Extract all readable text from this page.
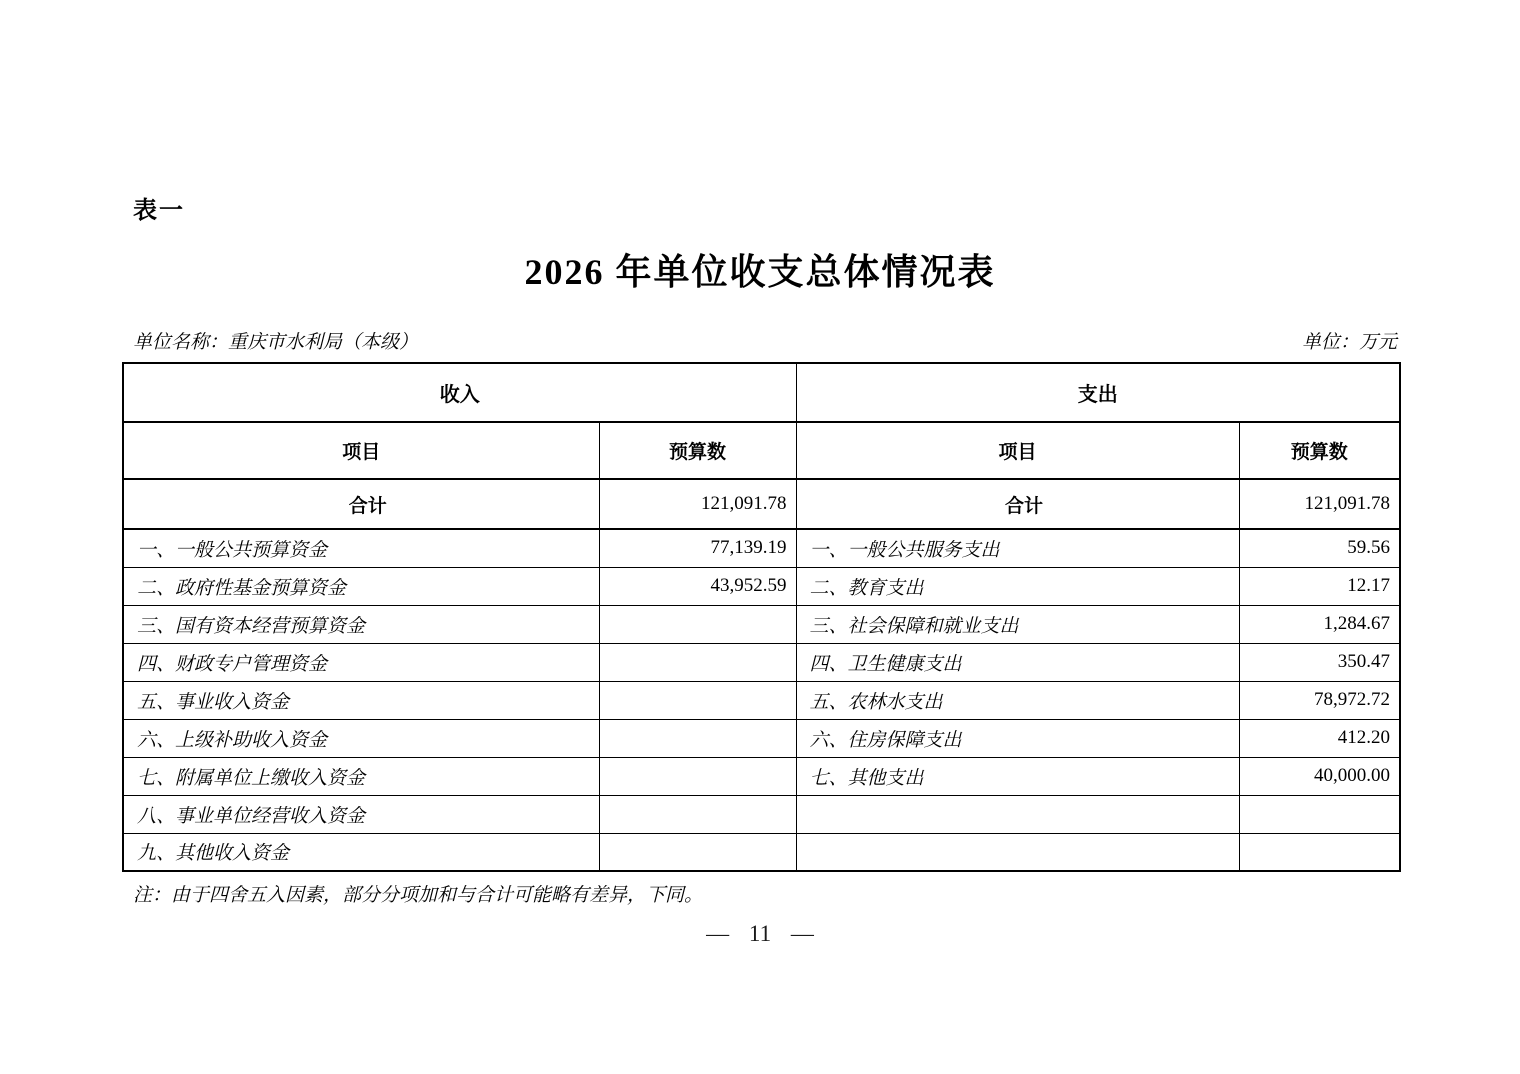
表一
2026 年单位收支总体情况表
单位名称：重庆市水利局（本级）	单位：万元
收入		支出	
项目	预算数	项目	预算数
合计	121,091.78	合计	121,091.78
一、一般公共预算资金	77,139.19	一、一般公共服务支出	59.56
二、政府性基金预算资金	43,952.59	二、教育支出	12.17
三、国有资本经营预算资金		三、社会保障和就业支出	1,284.67
四、财政专户管理资金		四、卫生健康支出	350.47
五、事业收入资金		五、农林水支出	78,972.72
六、上级补助收入资金		六、住房保障支出	412.20
七、附属单位上缴收入资金		七、其他支出	40,000.00
八、事业单位经营收入资金			
九、其他收入资金			
注：由于四舍五入因素，部分分项加和与合计可能略有差异，下同。
— 11 —
